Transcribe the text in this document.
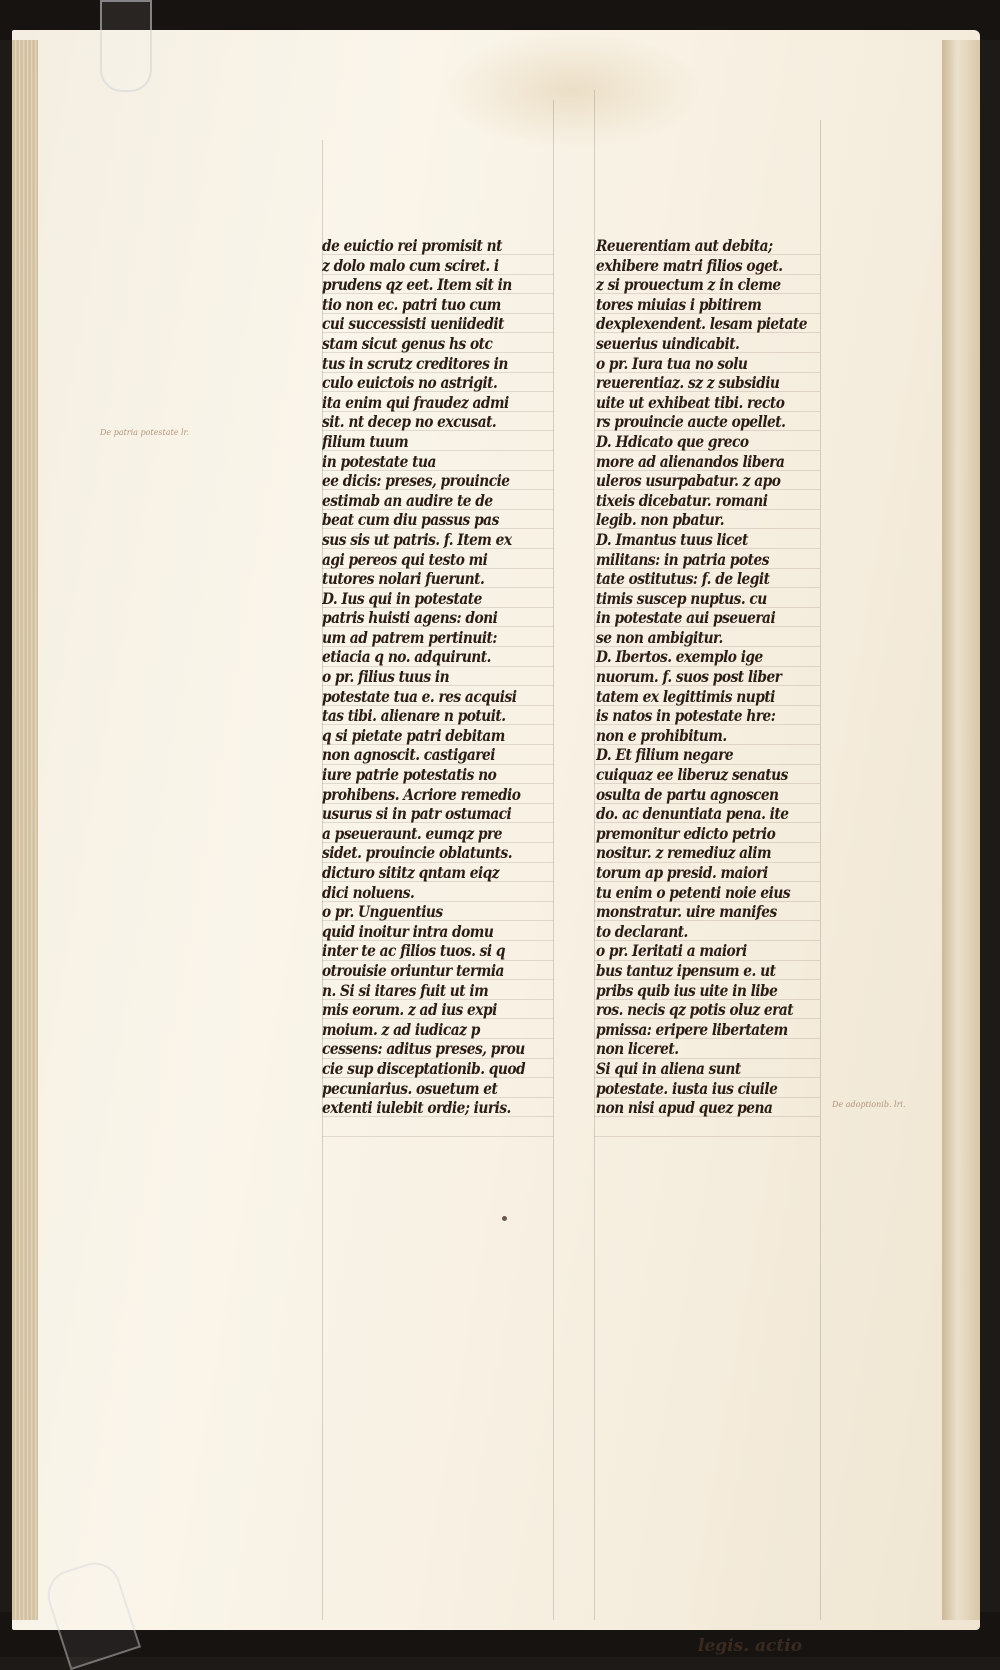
De patria potestate lr.
De adoptionib. lri.
de euictio rei promisit nt
z dolo malo cum sciret. i
prudens qz eet. Item sit in
tio non ec. patri tuo cum
cui successisti ueniidedit
stam sicut genus hs otc
tus in scrutz creditores in
culo euictois no astrigit.
ita enim qui fraudez admi
sit. nt decep no excusat.
filium tuum
in potestate tua
ee dicis: preses, prouincie
estimab an audire te de
beat cum diu passus pas
sus sis ut patris. f. Item ex
agi pereos qui testo mi
tutores nolari fuerunt.
D. Ius qui in potestate
patris huisti agens: doni
um ad patrem pertinuit:
etiacia q no. adquirunt.
o pr. filius tuus in
potestate tua e. res acquisi
tas tibi. alienare n potuit.
q si pietate patri debitam
non agnoscit. castigarei
iure patrie potestatis no
prohibens. Acriore remedio
usurus si in patr ostumaci
a pseueraunt. eumqz pre
sidet. prouincie oblatunts.
dicturo sititz qntam eiqz
dici noluens.
o pr. Unguentius
quid inoitur intra domu
inter te ac filios tuos. si q
otrouisie oriuntur termia
n. Si si itares fuit ut im
mis eorum. z ad ius expi
moium. z ad iudicaz p
cessens: aditus preses, prou
cie sup disceptationib. quod
pecuniarius. osuetum et
extenti iulebit ordie; iuris.
Reuerentiam aut debita;
exhibere matri filios oget.
z si prouectum z in cleme
tores miuias i pbitirem
dexplexendent. lesam pietate
seuerius uindicabit.
o pr. Iura tua no solu
reuerentiaz. sz z subsidiu
uite ut exhibeat tibi. recto
rs prouincie aucte opellet.
D. Hdicato que greco
more ad alienandos libera
uleros usurpabatur. z apo
tixeis dicebatur. romani
legib. non pbatur.
D. Imantus tuus licet
militans: in patria potes
tate ostitutus: f. de legit
timis suscep nuptus. cu
in potestate aui pseuerai
se non ambigitur.
D. Ibertos. exemplo ige
nuorum. f. suos post liber
tatem ex legittimis nupti
is natos in potestate hre:
non e prohibitum.
D. Et filium negare
cuiquaz ee liberuz senatus
osulta de partu agnoscen
do. ac denuntiata pena. ite
premonitur edicto petrio
nositur. z remediuz alim
torum ap presid. maiori
tu enim o petenti noie eius
monstratur. uire manifes
to declarant.
o pr. Ieritati a maiori
bus tantuz ipensum e. ut
pribs quib ius uite in libe
ros. necis qz potis oluz erat
pmissa: eripere libertatem
non liceret.
Si qui in aliena sunt
potestate. iusta ius ciuile
non nisi apud quez pena
legis. actio
